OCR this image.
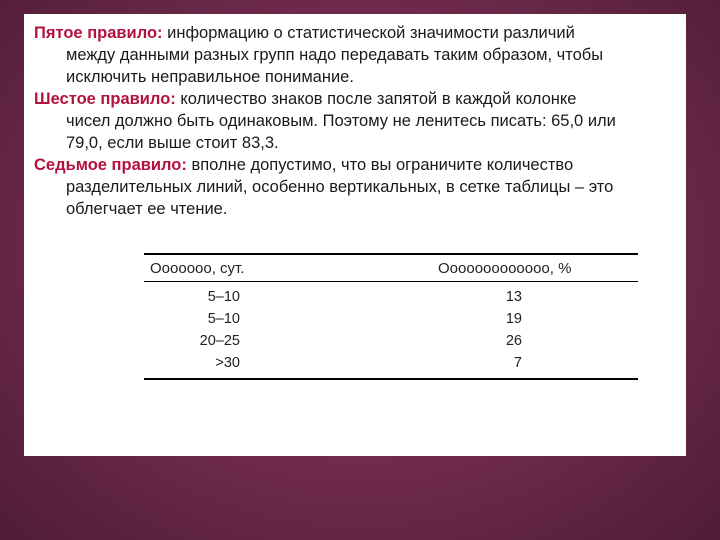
Пятое правило: информацию о статистической значимости различий

между данными разных групп надо передавать таким образом, чтобы

исключить неправильное понимание.

Шестое правило: количество знаков после запятой в каждой колонке

чисел должно быть одинаковым. Поэтому не ленитесь писать: 65,0 или

79,0, если выше стоит 83,3.

Седьмое правило: вполне допустимо, что вы ограничите количество

разделительных линий, особенно вертикальных, в сетке таблицы – это

облегчает ее чтение.

Ооооооо, сут.	Ооооооооооооо, %
5–10	13
5–10	19
20–25	26
>30	7
